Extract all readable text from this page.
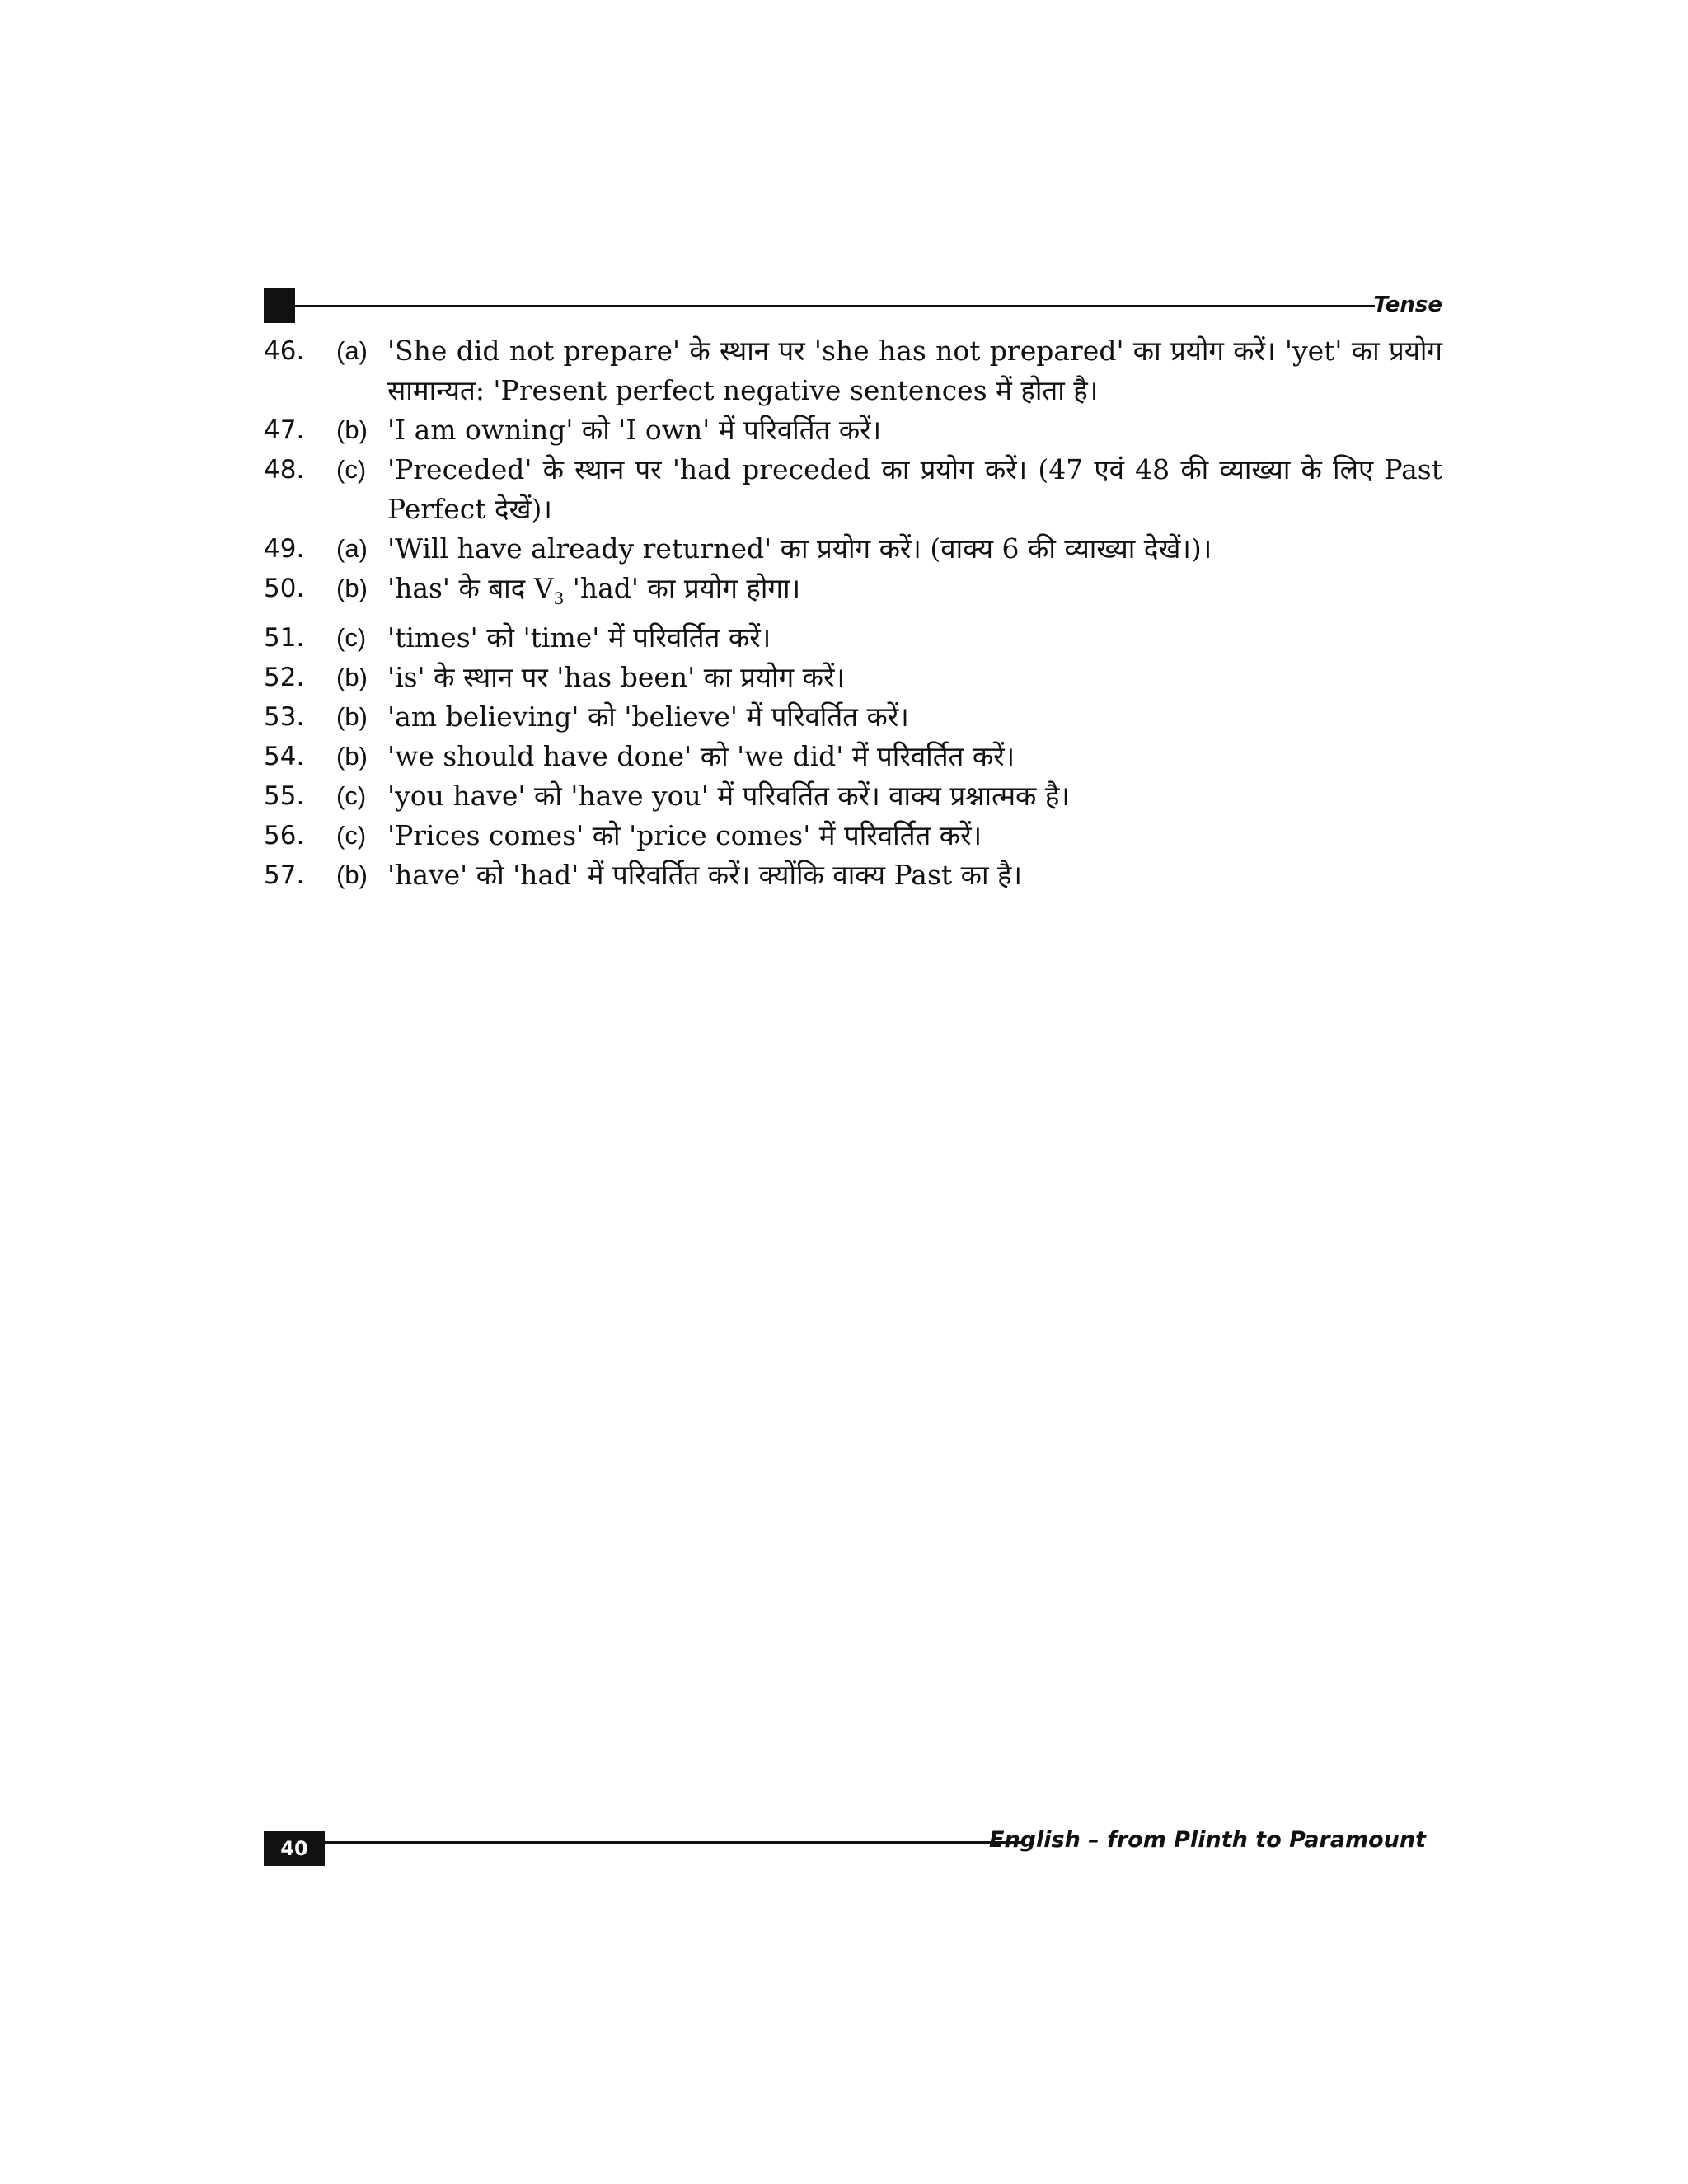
Tense
46.	(a) 'She did not prepare' के स्थान पर 'she has not prepared' का प्रयोग करें। 'yet' का प्रयोग सामान्यत: 'Present perfect negative sentences में होता है।
47.	(b) 'I am owning' को 'I own' में परिवर्तित करें।
48.	(c) 'Preceded' के स्थान पर 'had preceded का प्रयोग करें। (47 एवं 48 की व्याख्या के लिए Past Perfect देखें)।
49.	(a) 'Will have already returned' का प्रयोग करें। (वाक्य 6 की व्याख्या देखें।)।
50.	(b) 'has' के बाद $V_3$ 'had' का प्रयोग होगा।
51.	(c) 'times' को 'time' में परिवर्तित करें।
52.	(b) 'is' के स्थान पर 'has been' का प्रयोग करें।
53.	(b) 'am believing' को 'believe' में परिवर्तित करें।
54.	(b) 'we should have done' को 'we did' में परिवर्तित करें।
55.	(c) 'you have' को 'have you' में परिवर्तित करें। वाक्य प्रश्नात्मक है।
56.	(c) 'Prices comes' को 'price comes' में परिवर्तित करें।
57.	(b) 'have' को 'had' में परिवर्तित करें। क्योंकि वाक्य Past का है।
40	English – from Plinth to Paramount
